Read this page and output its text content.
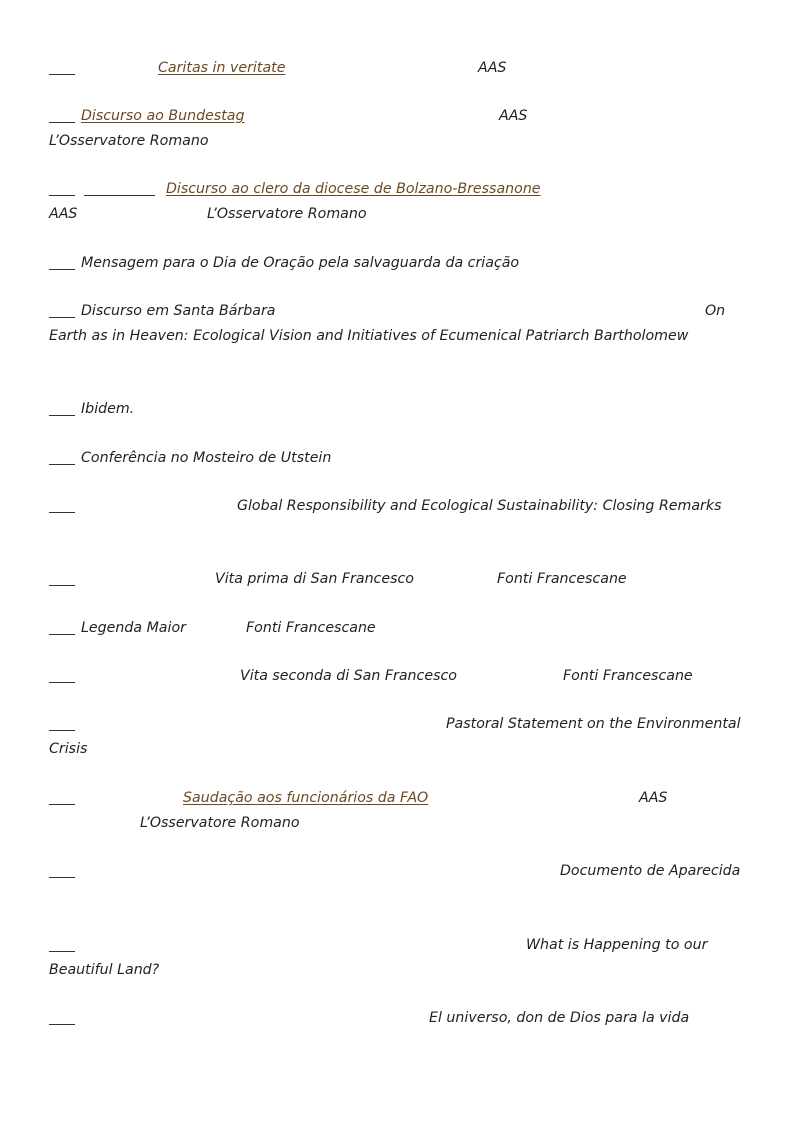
Caritas in veritate	AAS
Discurso ao Bundestag	AAS
L’Osservatore Romano
Discurso ao clero da diocese de Bolzano-Bressanone
AAS	L’Osservatore Romano
Mensagem para o Dia de Oração pela salvaguarda da criação
Discurso em Santa Bárbara	On
Earth as in Heaven: Ecological Vision and Initiatives of Ecumenical Patriarch Bartholomew
Ibidem.
Conferência no Mosteiro de Utstein
Global Responsibility and Ecological Sustainability: Closing Remarks
Vita prima di San Francesco	Fonti Francescane
Legenda Maior	Fonti Francescane
Vita seconda di San Francesco	Fonti Francescane
Pastoral Statement on the Environmental
Crisis
Saudação aos funcionários da FAO	AAS
L’Osservatore Romano
Documento de Aparecida
What is Happening to our
Beautiful Land?
El universo, don de Dios para la vida
